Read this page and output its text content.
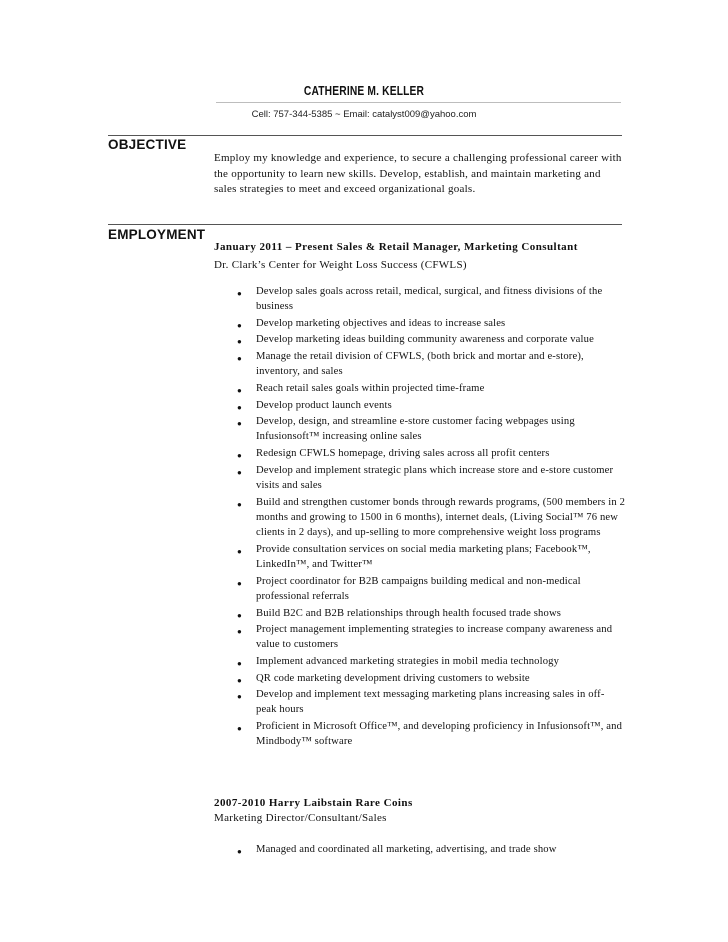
CATHERINE M. KELLER
Cell: 757-344-5385 ~ Email: catalyst009@yahoo.com
OBJECTIVE
Employ my knowledge and experience, to secure a challenging professional career with the opportunity to learn new skills. Develop, establish, and maintain marketing and sales strategies to meet and exceed organizational goals.
EMPLOYMENT
January 2011 – Present Sales & Retail Manager, Marketing Consultant
Dr. Clark’s Center for Weight Loss Success (CFWLS)
● Develop sales goals across retail, medical, surgical, and fitness divisions of the business
● Develop marketing objectives and ideas to increase sales
● Develop marketing ideas building community awareness and corporate value
● Manage the retail division of CFWLS, (both brick and mortar and e-store), inventory, and sales
● Reach retail sales goals within projected time-frame
● Develop product launch events
● Develop, design, and streamline e-store customer facing webpages using Infusionsoft™ increasing online sales
● Redesign CFWLS homepage, driving sales across all profit centers
● Develop and implement strategic plans which increase store and e-store customer visits and sales
● Build and strengthen customer bonds through rewards programs, (500 members in 2 months and growing to 1500 in 6 months), internet deals, (Living Social™ 76 new clients in 2 days), and up-selling to more comprehensive weight loss programs
● Provide consultation services on social media marketing plans; Facebook™, LinkedIn™, and Twitter™
● Project coordinator for B2B campaigns building medical and non-medical professional referrals
● Build B2C and B2B relationships through health focused trade shows
● Project management implementing strategies to increase company awareness and value to customers
● Implement advanced marketing strategies in mobil media technology
● QR code marketing development driving customers to website
● Develop and implement text messaging marketing plans increasing sales in off- peak hours
● Proficient in Microsoft Office™, and developing proficiency in Infusionsoft™, and Mindbody™ software
2007-2010 Harry Laibstain Rare Coins
Marketing Director/Consultant/Sales
● Managed and coordinated all marketing, advertising, and trade show
